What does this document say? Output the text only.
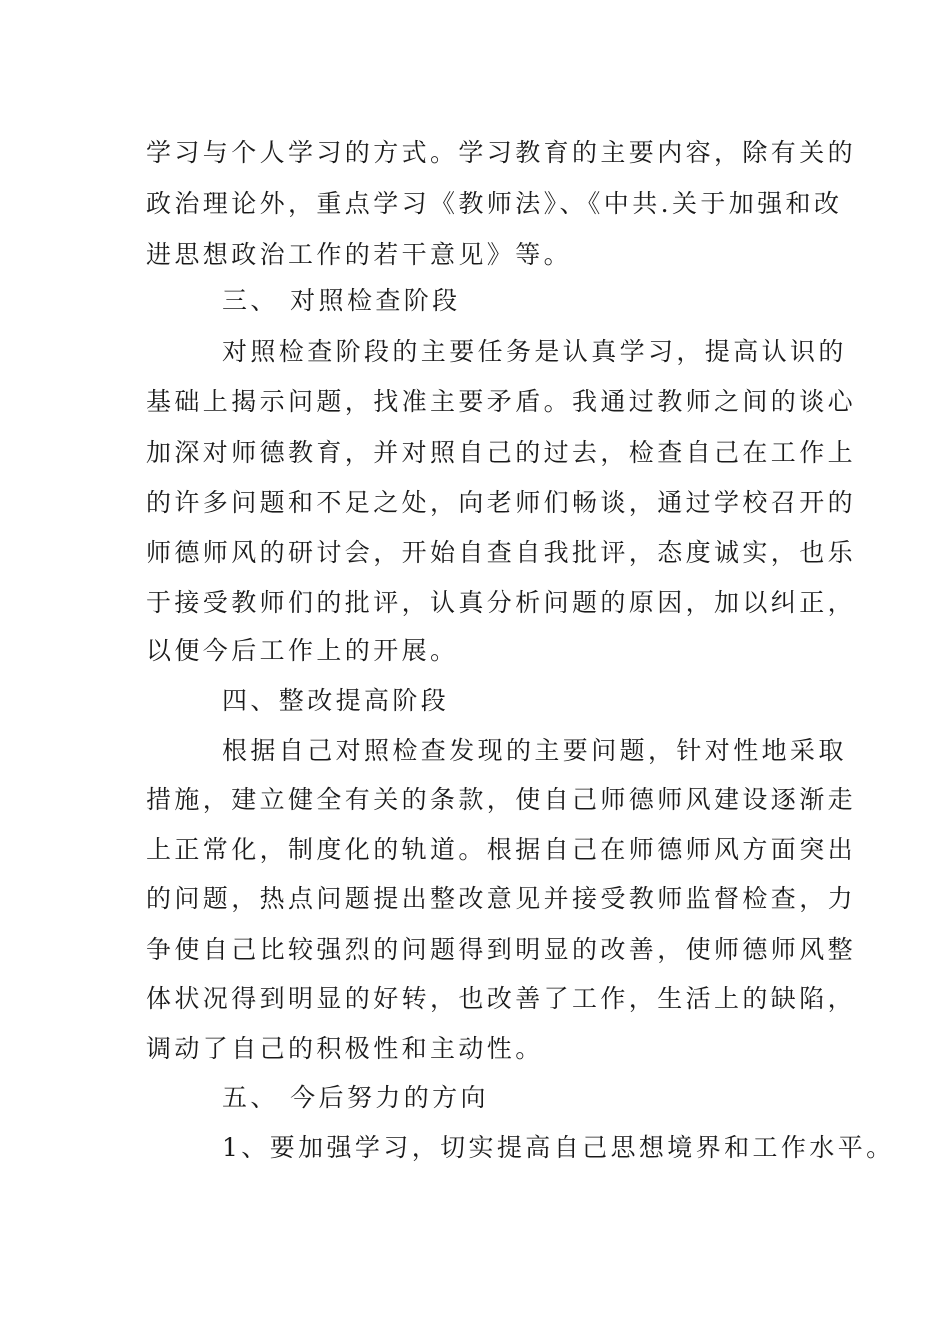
学习与个人学习的方式。学习教育的主要内容，除有关的
政治理论外，重点学习《教师法》、《中共.关于加强和改
进思想政治工作的若干意见》等。
三、 对照检查阶段
对照检查阶段的主要任务是认真学习，提高认识的
基础上揭示问题，找准主要矛盾。我通过教师之间的谈心
加深对师德教育，并对照自己的过去，检查自己在工作上
的许多问题和不足之处，向老师们畅谈，通过学校召开的
师德师风的研讨会，开始自查自我批评，态度诚实，也乐
于接受教师们的批评，认真分析问题的原因，加以纠正，
以便今后工作上的开展。
四、整改提高阶段
根据自己对照检查发现的主要问题，针对性地采取
措施，建立健全有关的条款，使自己师德师风建设逐渐走
上正常化，制度化的轨道。根据自己在师德师风方面突出
的问题，热点问题提出整改意见并接受教师监督检查，力
争使自己比较强烈的问题得到明显的改善，使师德师风整
体状况得到明显的好转，也改善了工作，生活上的缺陷，
调动了自己的积极性和主动性。
五、 今后努力的方向
1、要加强学习，切实提高自己思想境界和工作水平。
